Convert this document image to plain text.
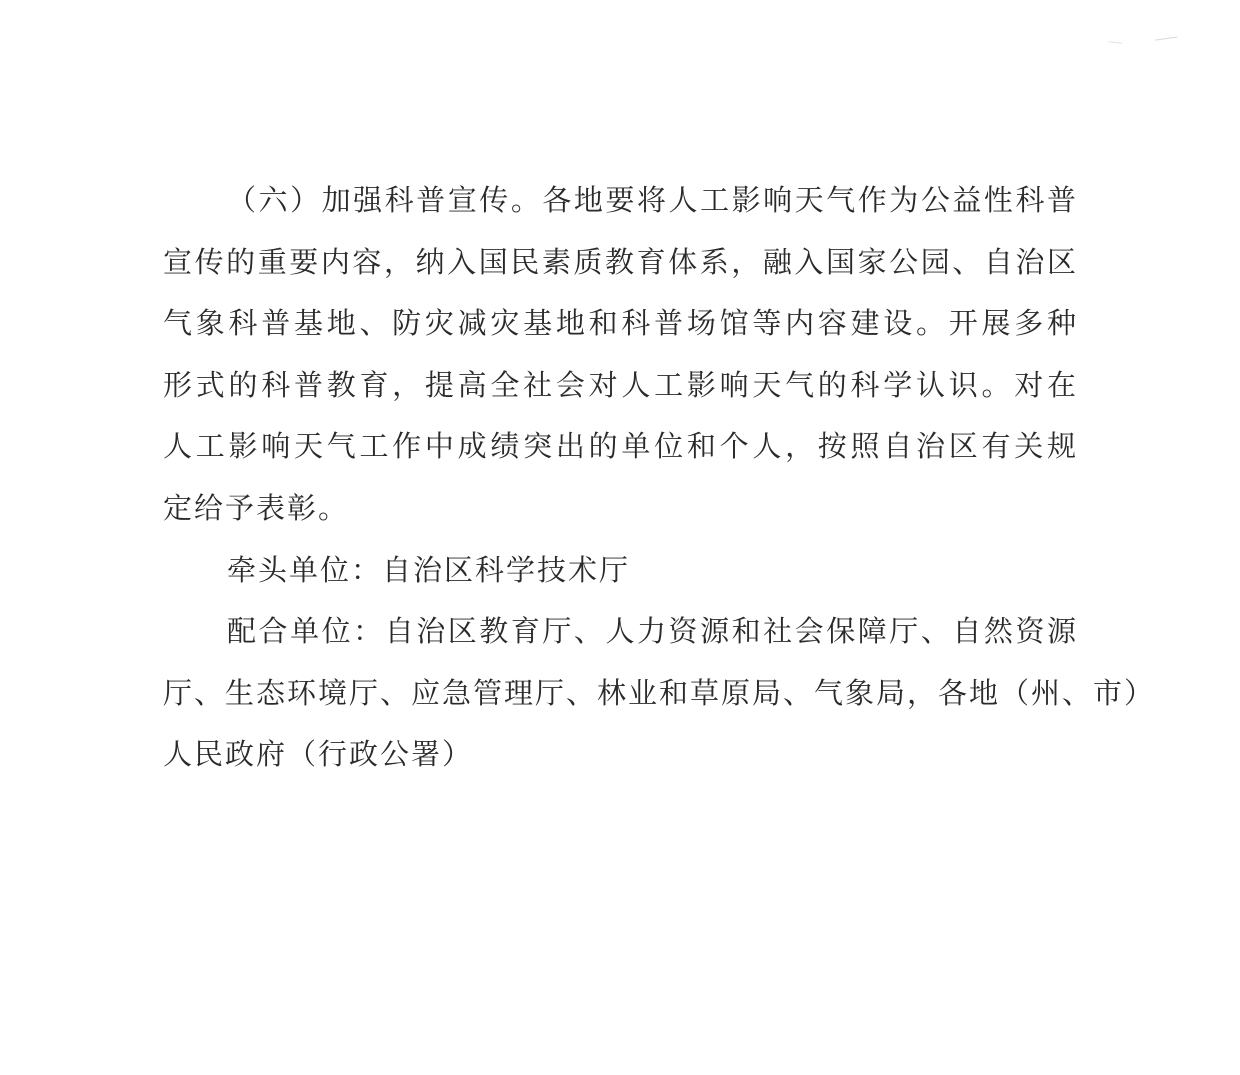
（六）加强科普宣传。各地要将人工影响天气作为公益性科普
宣传的重要内容，纳入国民素质教育体系，融入国家公园、自治区
气象科普基地、防灾减灾基地和科普场馆等内容建设。开展多种
形式的科普教育，提高全社会对人工影响天气的科学认识。对在
人工影响天气工作中成绩突出的单位和个人，按照自治区有关规
定给予表彰。
牵头单位：自治区科学技术厅
配合单位：自治区教育厅、人力资源和社会保障厅、自然资源
厅、生态环境厅、应急管理厅、林业和草原局、气象局，各地（州、市）
人民政府（行政公署）
